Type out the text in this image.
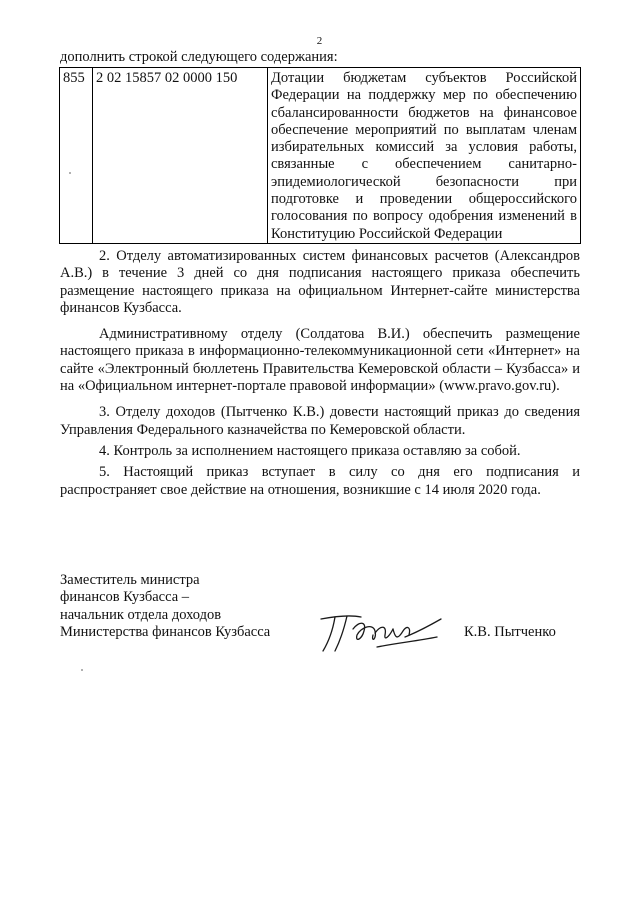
2
дополнить строкой следующего содержания:
855	2 02 15857 02 0000 150	Дотации бюджетам субъектов Российской Федерации на поддержку мер по обеспечению сбалансированности бюджетов на финансовое обеспечение мероприятий по выплатам членам избирательных комиссий за условия работы, связанные с обеспечением санитарно-эпидемиологической безопасности при подготовке и проведении общероссийского голосования по вопросу одобрения изменений в Конституцию Российской Федерации

2. Отделу автоматизированных систем финансовых расчетов (Александров А.В.) в течение 3 дней со дня подписания настоящего приказа обеспечить размещение настоящего приказа на официальном Интернет-сайте министерства финансов Кузбасса.

Административному отделу (Солдатова В.И.) обеспечить размещение настоящего приказа в информационно-телекоммуникационной сети «Интернет» на сайте «Электронный бюллетень Правительства Кемеровской области – Кузбасса» и на «Официальном интернет-портале правовой информации» (www.pravo.gov.ru).

3. Отделу доходов (Пытченко К.В.) довести настоящий приказ до сведения Управления Федерального казначейства по Кемеровской области.

4. Контроль за исполнением настоящего приказа оставляю за собой.

5. Настоящий приказ вступает в силу со дня его подписания и распространяет свое действие на отношения, возникшие с 14 июля 2020 года.

Заместитель министра
финансов Кузбасса –
начальник отдела доходов
Министерства финансов Кузбасса	К.В. Пытченко
